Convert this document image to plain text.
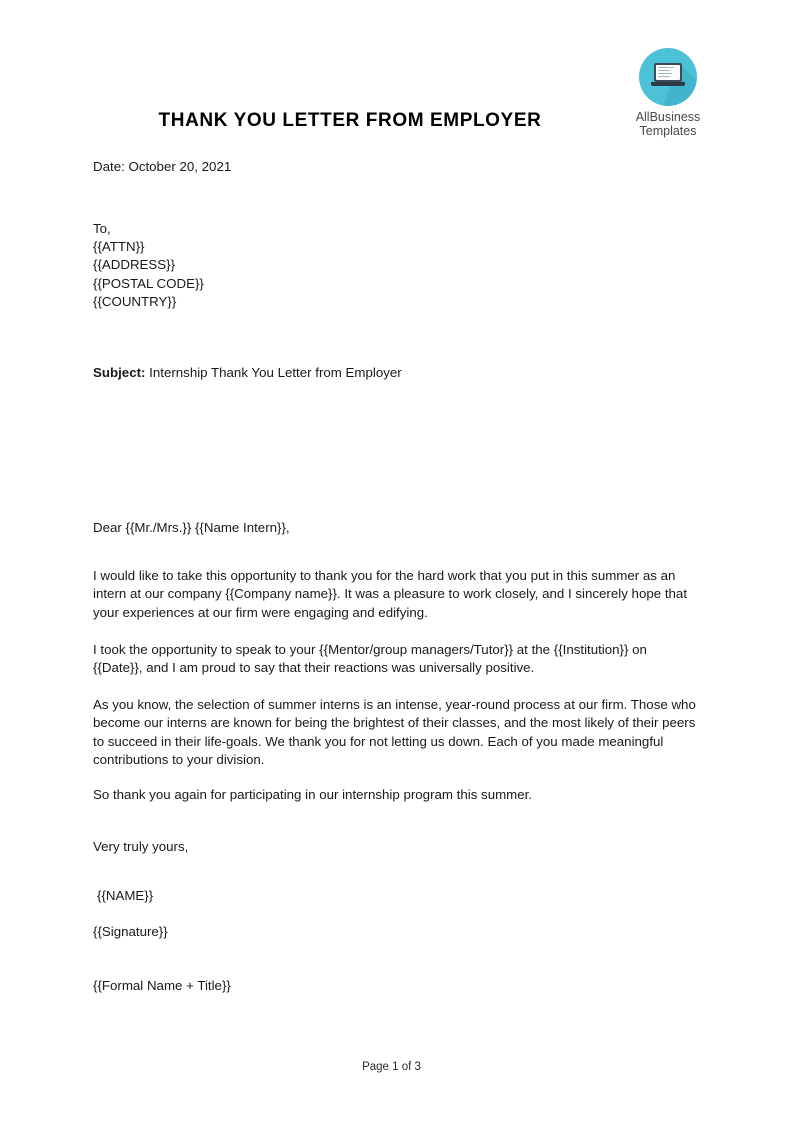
AllBusiness
Templates
THANK YOU LETTER FROM EMPLOYER

Date: October 20, 2021

To,
{{ATTN}}
{{ADDRESS}}
{{POSTAL CODE}}
{{COUNTRY}}

Subject: Internship Thank You Letter from Employer

Dear {{Mr./Mrs.}} {{Name Intern}},

I would like to take this opportunity to thank you for the hard work that you put in this summer as an intern at our company {{Company name}}. It was a pleasure to work closely, and I sincerely hope that your experiences at our firm were engaging and edifying.

I took the opportunity to speak to your {{Mentor/group managers/Tutor}} at the {{Institution}} on {{Date}}, and I am proud to say that their reactions was universally positive.

As you know, the selection of summer interns is an intense, year-round process at our firm. Those who become our interns are known for being the brightest of their classes, and the most likely of their peers to succeed in their life-goals. We thank you for not letting us down. Each of you made meaningful contributions to your division.

So thank you again for participating in our internship program this summer.

Very truly yours,

{{NAME}}

{{Signature}}

{{Formal Name + Title}}

Page 1 of 3
